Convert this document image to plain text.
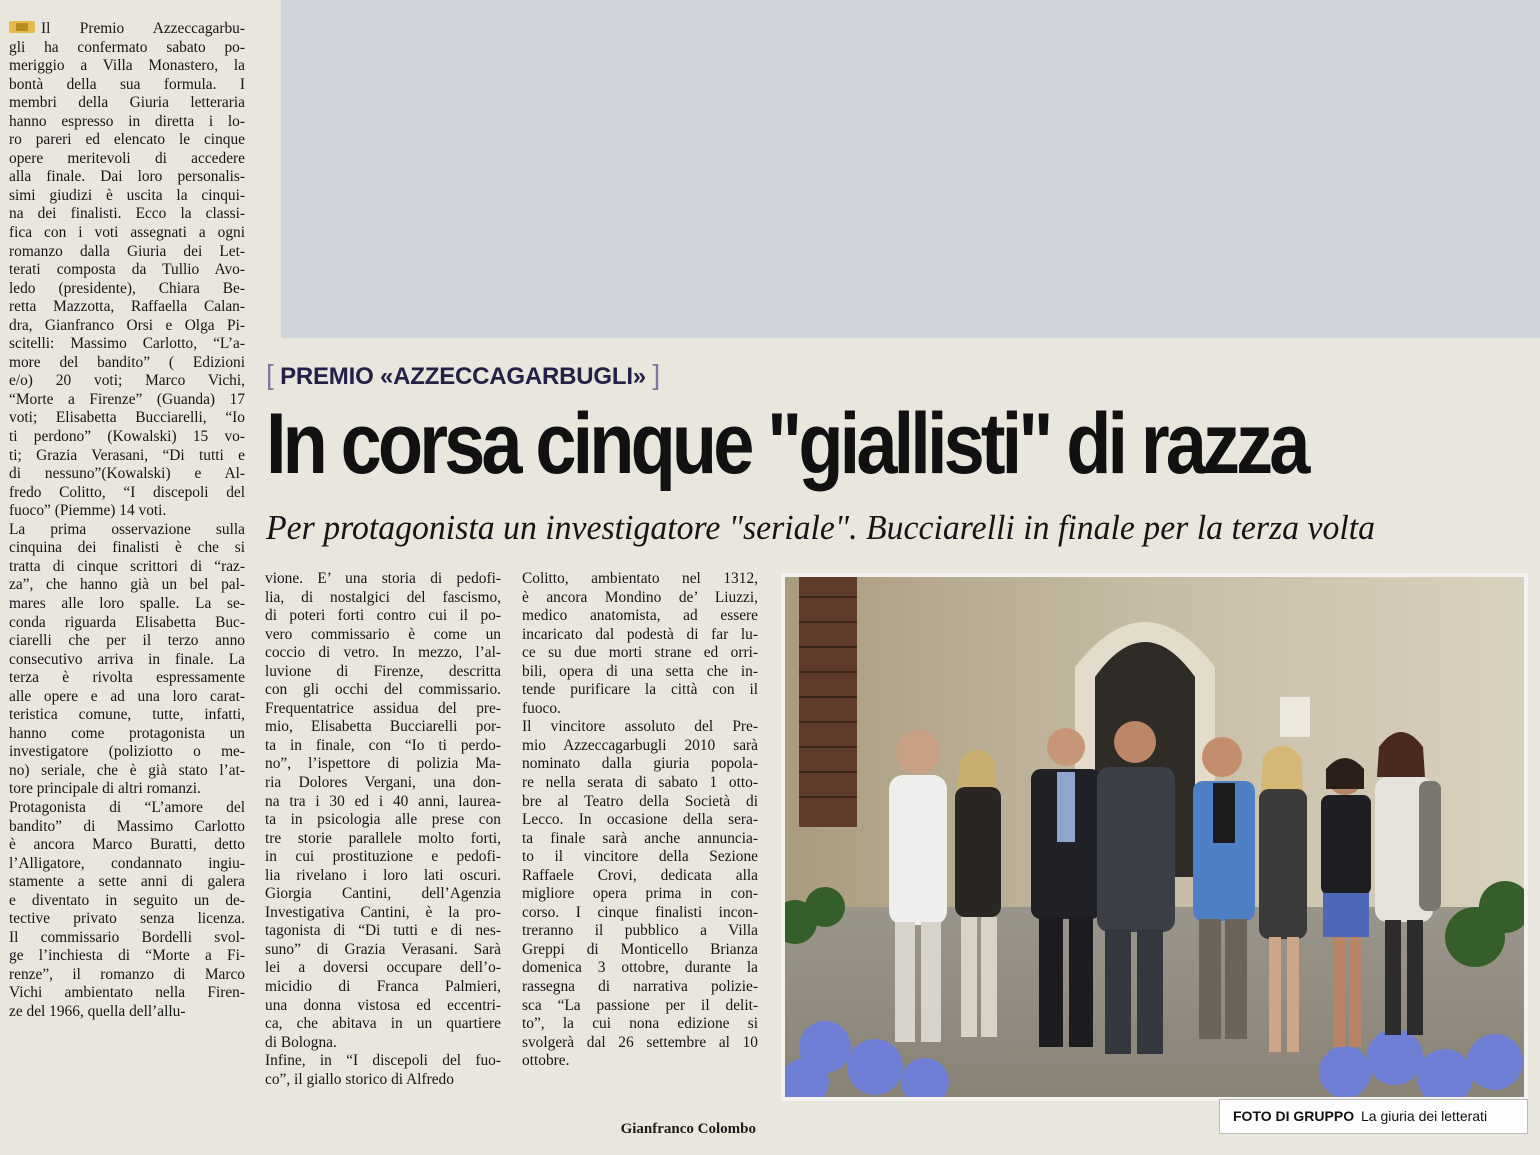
Il Premio Azzeccagarbu-
gli ha confermato sabato po-
meriggio a Villa Monastero, la
bontà della sua formula. I
membri della Giuria letteraria
hanno espresso in diretta i lo-
ro pareri ed elencato le cinque
opere meritevoli di accedere
alla finale. Dai loro personalis-
simi giudizi è uscita la cinqui-
na dei finalisti. Ecco la classi-
fica con i voti assegnati a ogni
romanzo dalla Giuria dei Let-
terati composta da Tullio Avo-
ledo (presidente), Chiara Be-
retta Mazzotta, Raffaella Calan-
dra, Gianfranco Orsi e Olga Pi-
scitelli: Massimo Carlotto, “L’a-
more del bandito” ( Edizioni
e/o) 20 voti; Marco Vichi,
“Morte a Firenze” (Guanda) 17
voti; Elisabetta Bucciarelli, “Io
ti perdono” (Kowalski) 15 vo-
ti; Grazia Verasani, “Di tutti e
di nessuno”(Kowalski) e Al-
fredo Colitto, “I discepoli del
fuoco” (Piemme) 14 voti.
La prima osservazione sulla
cinquina dei finalisti è che si
tratta di cinque scrittori di “raz-
za”, che hanno già un bel pal-
mares alle loro spalle. La se-
conda riguarda Elisabetta Buc-
ciarelli che per il terzo anno
consecutivo arriva in finale. La
terza è rivolta espressamente
alle opere e ad una loro carat-
teristica comune, tutte, infatti,
hanno come protagonista un
investigatore (poliziotto o me-
no) seriale, che è già stato l’at-
tore principale di altri romanzi.
Protagonista di “L’amore del
bandito” di Massimo Carlotto
è ancora Marco Buratti, detto
l’Alligatore, condannato ingiu-
stamente a sette anni di galera
e diventato in seguito un de-
tective privato senza licenza.
Il commissario Bordelli svol-
ge l’inchiesta di “Morte a Fi-
renze”, il romanzo di Marco
Vichi ambientato nella Firen-
ze del 1966, quella dell’allu-
vione. E’ una storia di pedofi-
lia, di nostalgici del fascismo,
di poteri forti contro cui il po-
vero commissario è come un
coccio di vetro. In mezzo, l’al-
luvione di Firenze, descritta
con gli occhi del commissario.
Frequentatrice assidua del pre-
mio, Elisabetta Bucciarelli por-
ta in finale, con “Io ti perdo-
no”, l’ispettore di polizia Ma-
ria Dolores Vergani, una don-
na tra i 30 ed i 40 anni, laurea-
ta in psicologia alle prese con
tre storie parallele molto forti,
in cui prostituzione e pedofi-
lia rivelano i loro lati oscuri.
Giorgia Cantini, dell’Agenzia
Investigativa Cantini, è la pro-
tagonista di “Di tutti e di nes-
suno” di Grazia Verasani. Sarà
lei a doversi occupare dell’o-
micidio di Franca Palmieri,
una donna vistosa ed eccentri-
ca, che abitava in un quartiere
di Bologna.
Infine, in “I discepoli del fuo-
co”, il giallo storico di Alfredo
Colitto, ambientato nel 1312,
è ancora Mondino de’ Liuzzi,
medico anatomista, ad essere
incaricato dal podestà di far lu-
ce su due morti strane ed orri-
bili, opera di una setta che in-
tende purificare la città con il
fuoco.
Il vincitore assoluto del Pre-
mio Azzeccagarbugli 2010 sarà
nominato dalla giuria popola-
re nella serata di sabato 1 otto-
bre al Teatro della Società di
Lecco. In occasione della sera-
ta finale sarà anche annuncia-
to il vincitore della Sezione
Raffaele Crovi, dedicata alla
migliore opera prima in con-
corso. I cinque finalisti incon-
treranno il pubblico a Villa
Greppi di Monticello Brianza
domenica 3 ottobre, durante la
rassegna di narrativa polizie-
sca “La passione per il delit-
to”, la cui nona edizione si
svolgerà dal 26 settembre al 10
ottobre.
[ PREMIO «AZZECCAGARBUGLI» ]
In corsa cinque "giallisti" di razza
Per protagonista un investigatore "seriale". Bucciarelli in finale per la terza volta
FOTO DI GRUPPO La giuria dei letterati
Gianfranco Colombo
